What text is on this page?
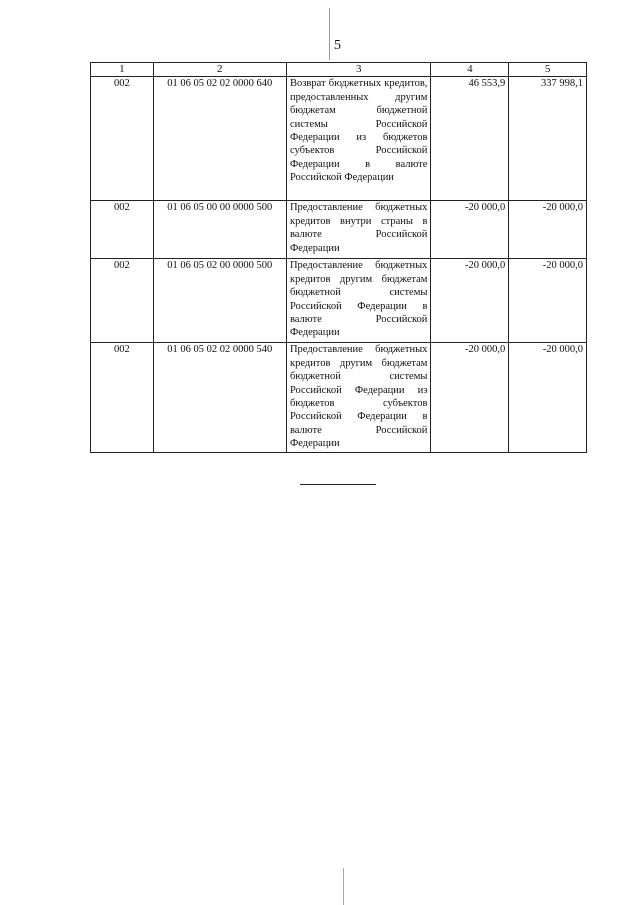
5
1	2	3	4	5
002	01 06 05 02 02 0000 640	Возврат бюджетных кредитов, предоставленных другим бюджетам бюджетной системы Российской Федерации из бюджетов субъектов Российской Федерации в валюте Российской Федерации	46 553,9	337 998,1
002	01 06 05 00 00 0000 500	Предоставление бюджетных кредитов внутри страны в валюте Российской Федерации	-20 000,0	-20 000,0
002	01 06 05 02 00 0000 500	Предоставление бюджетных кредитов другим бюджетам бюджетной системы Российской Федерации в валюте Российской Федерации	-20 000,0	-20 000,0
002	01 06 05 02 02 0000 540	Предоставление бюджетных кредитов другим бюджетам бюджетной системы Российской Федерации из бюджетов субъектов Российской Федерации в валюте Российской Федерации	-20 000,0	-20 000,0
